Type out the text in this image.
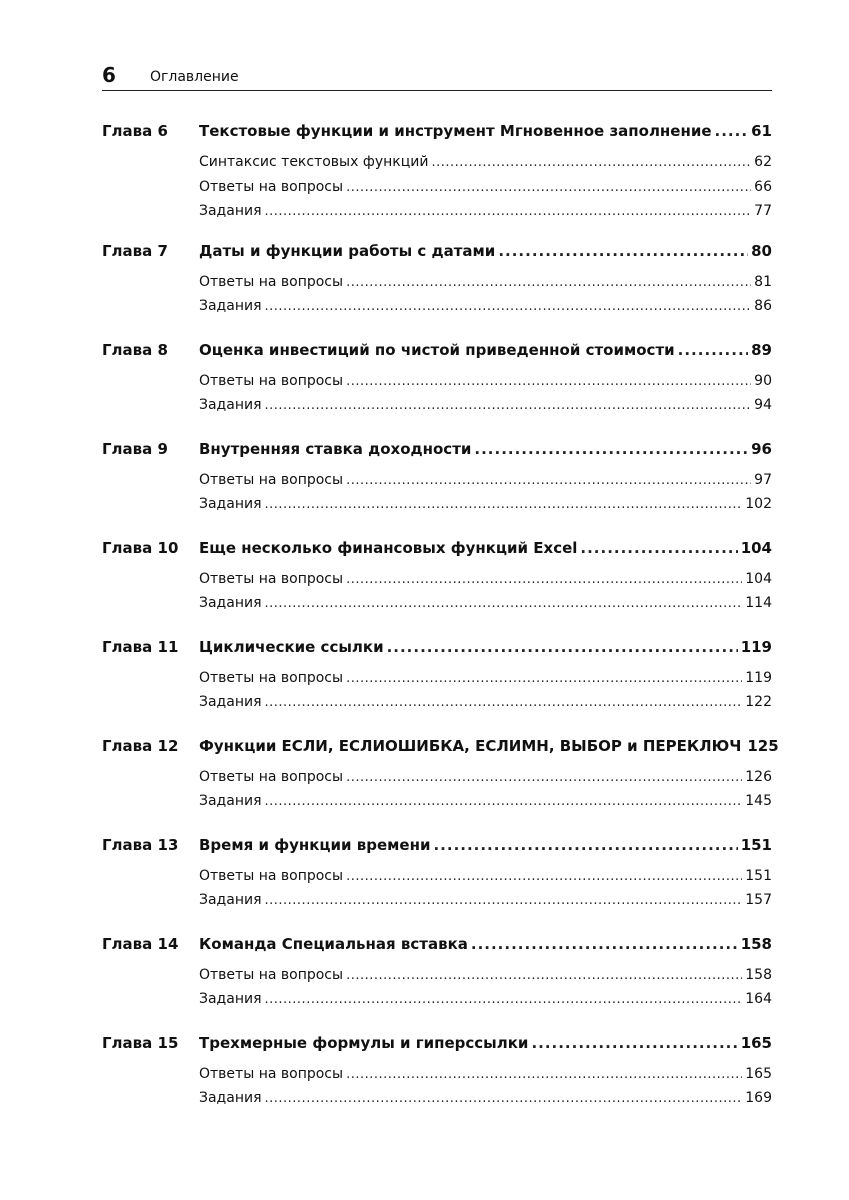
6 Оглавление
Глава 6	Текстовые функции и инструмент Мгновенное заполнение .....	61
Синтаксис текстовых функций .....	62
Ответы на вопросы .....	66
Задания .....	77
Глава 7	Даты и функции работы с датами .....	80
Ответы на вопросы .....	81
Задания .....	86
Глава 8	Оценка инвестиций по чистой приведенной стоимости .....	89
Ответы на вопросы .....	90
Задания .....	94
Глава 9	Внутренняя ставка доходности .....	96
Ответы на вопросы .....	97
Задания .....	102
Глава 10	Еще несколько финансовых функций Excel .....	104
Ответы на вопросы .....	104
Задания .....	114
Глава 11	Циклические ссылки .....	119
Ответы на вопросы .....	119
Задания .....	122
Глава 12	Функции ЕСЛИ, ЕСЛИОШИБКА, ЕСЛИМН, ВЫБОР и ПЕРЕКЛЮЧ 125
Ответы на вопросы .....	126
Задания .....	145
Глава 13	Время и функции времени .....	151
Ответы на вопросы .....	151
Задания .....	157
Глава 14	Команда Специальная вставка .....	158
Ответы на вопросы .....	158
Задания .....	164
Глава 15	Трехмерные формулы и гиперссылки .....	165
Ответы на вопросы .....	165
Задания .....	169
